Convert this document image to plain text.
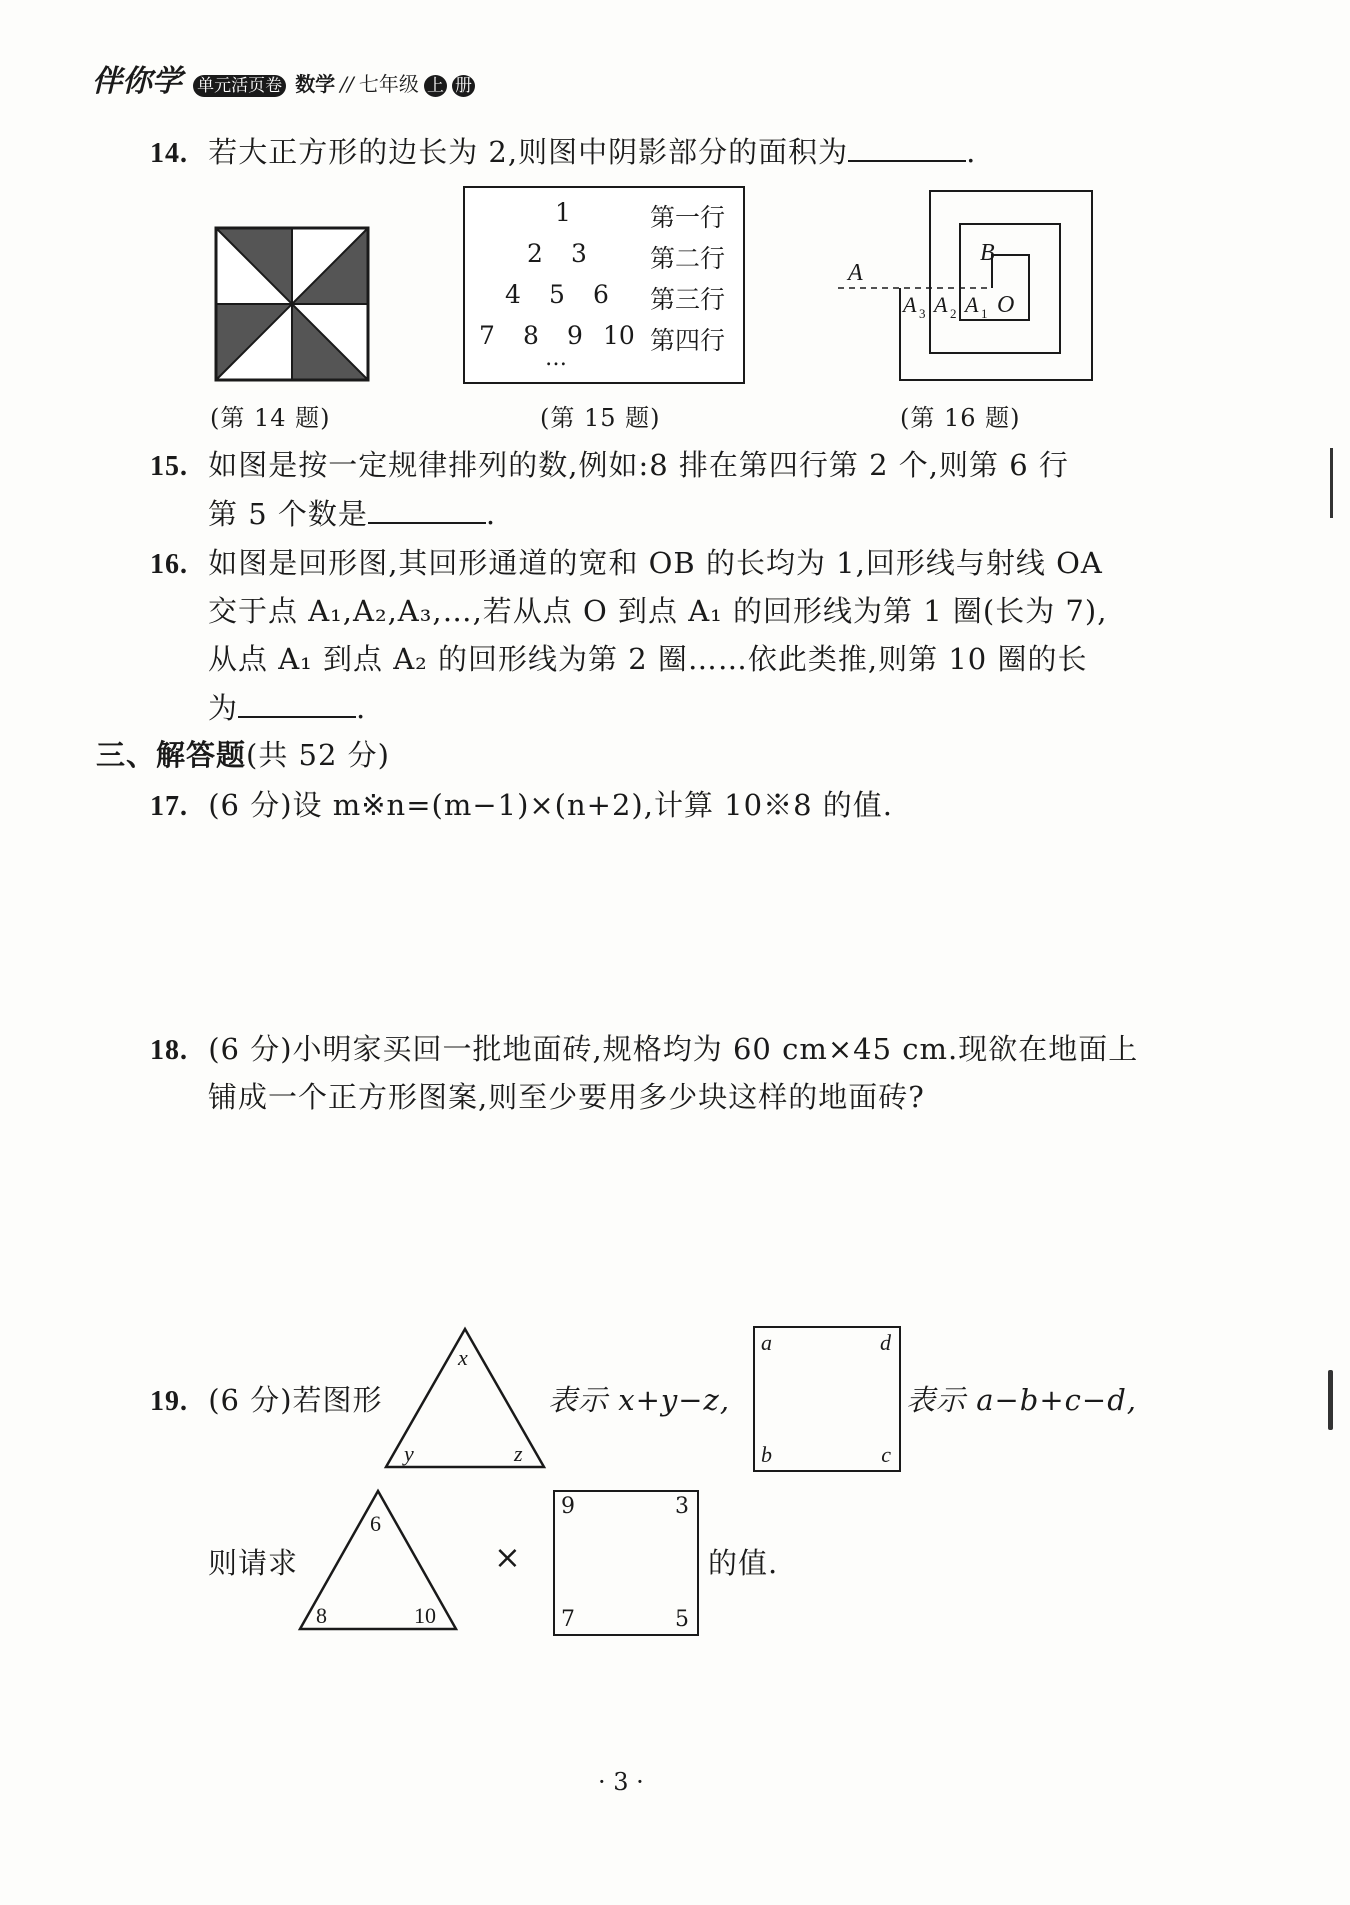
伴你学 单元活页卷 数学 // 七年级 上 册
14. 若大正方形的边长为 2,则图中阴影部分的面积为	.
1	第一行
2 3	第二行
4 5 6 第三行
7 8 9 10 第四行
…
A
B
O
A 1
A 2
A 3
(第 14 题)	(第 15 题)	(第 16 题)
15. 如图是按一定规律排列的数,例如:8 排在第四行第 2 个,则第 6 行
第 5 个数是	.
16. 如图是回形图,其回形通道的宽和 OB 的长均为 1,回形线与射线 OA
交于点 A₁,A₂,A₃,…,若从点 O 到点 A₁ 的回形线为第 1 圈(长为 7),
从点 A₁ 到点 A₂ 的回形线为第 2 圈……依此类推,则第 10 圈的长
为	.
三、解答题(共 52 分)
17. (6 分)设 m※n=(m−1)×(n+2),计算 10※8 的值.
18. (6 分)小明家买回一批地面砖,规格均为 60 cm×45 cm.现欲在地面上
铺成一个正方形图案,则至少要用多少块这样的地面砖?
19. (6 分)若图形
x
y	z
表示 x+y−z,
a	d
b	c
表示 a−b+c−d,
则请求
6
8	10
×
9	3
7	5
的值.
· 3 ·
